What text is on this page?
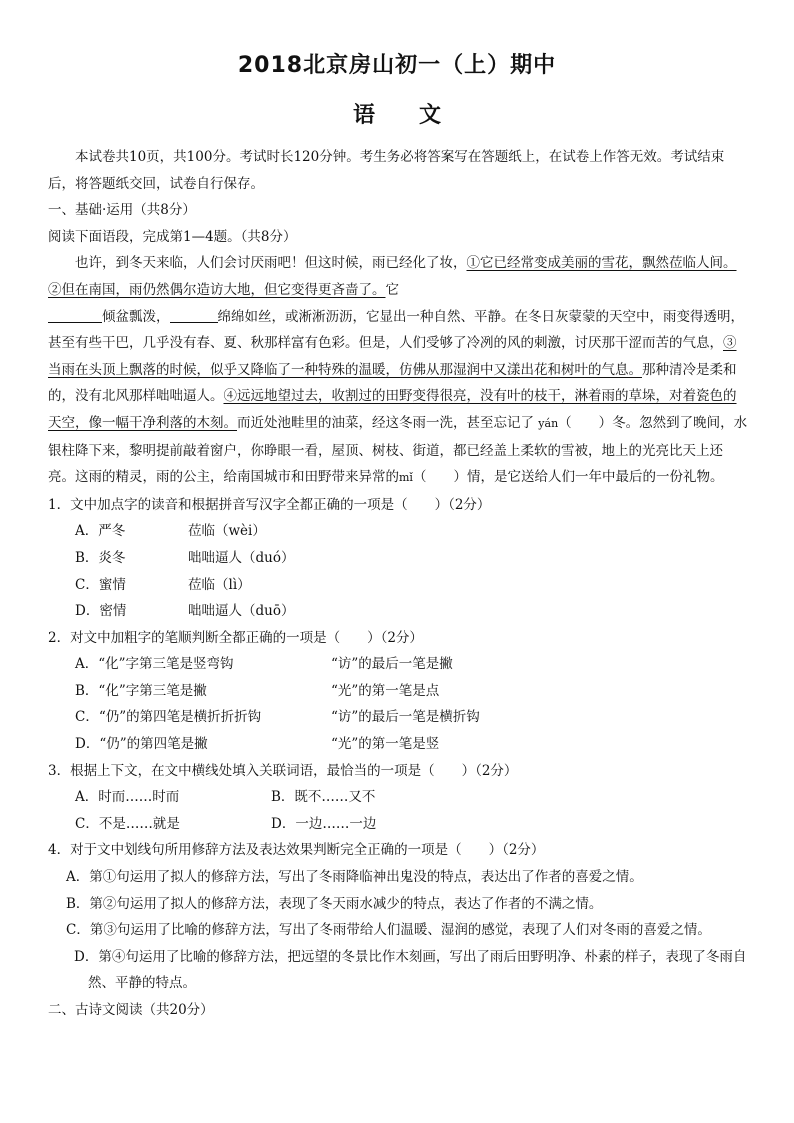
2018北京房山初一（上）期中
语 文

本试卷共10页，共100分。考试时长120分钟。考生务必将答案写在答题纸上，在试卷上作答无效。考试结束后，将答题纸交回，试卷自行保存。

一、基础·运用（共8分）

阅读下面语段，完成第1—4题。（共8分）

也许，到冬天来临，人们会讨厌雨吧！但这时候，雨已经化了妆，①它已经常变成美丽的雪花，飘然莅临人间。②但在南国，雨仍然偶尔造访大地，但它变得更吝啬了。它

倾盆瓢泼，	绵绵如丝，或淅淅沥沥，它显出一种自然、平静。在冬日灰蒙蒙的天空中，雨变得透明，甚至有些干巴，几乎没有春、夏、秋那样富有色彩。但是，人们受够了冷冽的风的刺激，讨厌那干涩而苦的气息，③当雨在头顶上飘落的时候，似乎又降临了一种特殊的温暖，仿佛从那湿润中又漾出花和树叶的气息。那种清冷是柔和的，没有北风那样咄咄逼人。④远远地望过去，收割过的田野变得很亮，没有叶的枝干，淋着雨的草垛，对着瓷色的天空，像一幅干净利落的木刻。而近处池畦里的油菜，经这冬雨一洗，甚至忘记了 yán（　　）冬。忽然到了晚间，水银柱降下来，黎明提前敲着窗户，你睁眼一看，屋顶、树枝、街道，都已经盖上柔软的雪被，地上的光亮比天上还亮。这雨的精灵，雨的公主，给南国城市和田野带来异常的mǐ（　　）情，是它送给人们一年中最后的一份礼物。

1．文中加点字的读音和根据拼音写汉字全都正确的一项是（　　）（2分）

A．严冬	莅临（wèi）

B．炎冬	咄咄逼人（duó）

C．蜜情	莅临（lì）

D．密情	咄咄逼人（duō）

2．对文中加粗字的笔顺判断全都正确的一项是（　　）（2分）

A．“化”字第三笔是竖弯钩	“访”的最后一笔是撇

B．“化”字第三笔是撇	“光”的第一笔是点

C．“仍”的第四笔是横折折折钩	“访”的最后一笔是横折钩

D．“仍”的第四笔是撇	“光”的第一笔是竖

3．根据上下文，在文中横线处填入关联词语，最恰当的一项是（　　）（2分）

A．时而……时而	B．既不……又不

C．不是……就是	D．一边……一边

4．对于文中划线句所用修辞方法及表达效果判断完全正确的一项是（　　）（2分）

A．第①句运用了拟人的修辞方法，写出了冬雨降临神出鬼没的特点，表达出了作者的喜爱之情。

B．第②句运用了拟人的修辞方法，表现了冬天雨水减少的特点，表达了作者的不满之情。

C．第③句运用了比喻的修辞方法，写出了冬雨带给人们温暖、湿润的感觉，表现了人们对冬雨的喜爱之情。

D．第④句运用了比喻的修辞方法，把远望的冬景比作木刻画，写出了雨后田野明净、朴素的样子，表现了冬雨自然、平静的特点。

二、古诗文阅读（共20分）
